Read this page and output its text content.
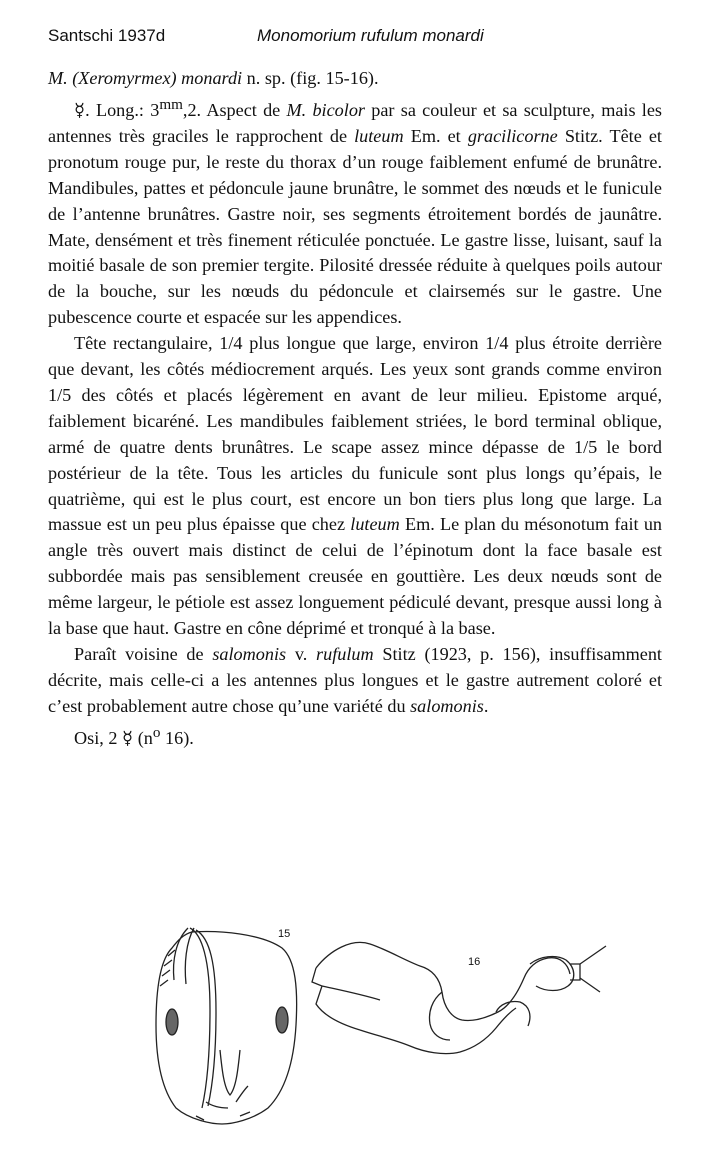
Santschi 1937d	Monomorium rufulum monardi

M. (Xeromyrmex) monardi n. sp. (fig. 15-16).

☿. Long.: $3^{mm},2$. Aspect de M. bicolor par sa couleur et sa sculpture, mais les antennes très graciles le rapprochent de luteum Em. et gracilicorne Stitz. Tête et pronotum rouge pur, le reste du thorax d’un rouge faiblement enfumé de brunâtre. Mandibules, pattes et pédoncule jaune brunâtre, le sommet des nœuds et le funicule de l’antenne brunâtres. Gastre noir, ses segments étroitement bordés de jaunâtre. Mate, densément et très finement réticulée ponctuée. Le gastre lisse, luisant, sauf la moitié basale de son premier tergite. Pilosité dressée réduite à quelques poils autour de la bouche, sur les nœuds du pédoncule et clairsemés sur le gastre. Une pubescence courte et espacée sur les appendices.

Tête rectangulaire, 1/4 plus longue que large, environ 1/4 plus étroite derrière que devant, les côtés médiocrement arqués. Les yeux sont grands comme environ 1/5 des côtés et placés légèrement en avant de leur milieu. Epistome arqué, faiblement bicaréné. Les mandibules faiblement striées, le bord terminal oblique, armé de quatre dents brunâtres. Le scape assez mince dépasse de 1/5 le bord postérieur de la tête. Tous les articles du funicule sont plus longs qu’épais, le quatrième, qui est le plus court, est encore un bon tiers plus long que large. La massue est un peu plus épaisse que chez luteum Em. Le plan du mésonotum fait un angle très ouvert mais distinct de celui de l’épinotum dont la face basale est subbordée mais pas sensiblement creusée en gouttière. Les deux nœuds sont de même largeur, le pétiole est assez longuement pédiculé devant, presque aussi long à la base que haut. Gastre en cône déprimé et tronqué à la base.

Paraît voisine de salomonis v. rufulum Stitz (1923, p. 156), insuffisamment décrite, mais celle-ci a les antennes plus longues et le gastre autrement coloré et c’est probablement autre chose qu’une variété du salomonis.

Osi, 2 ☿ ($n^o$ 16).

15
16
